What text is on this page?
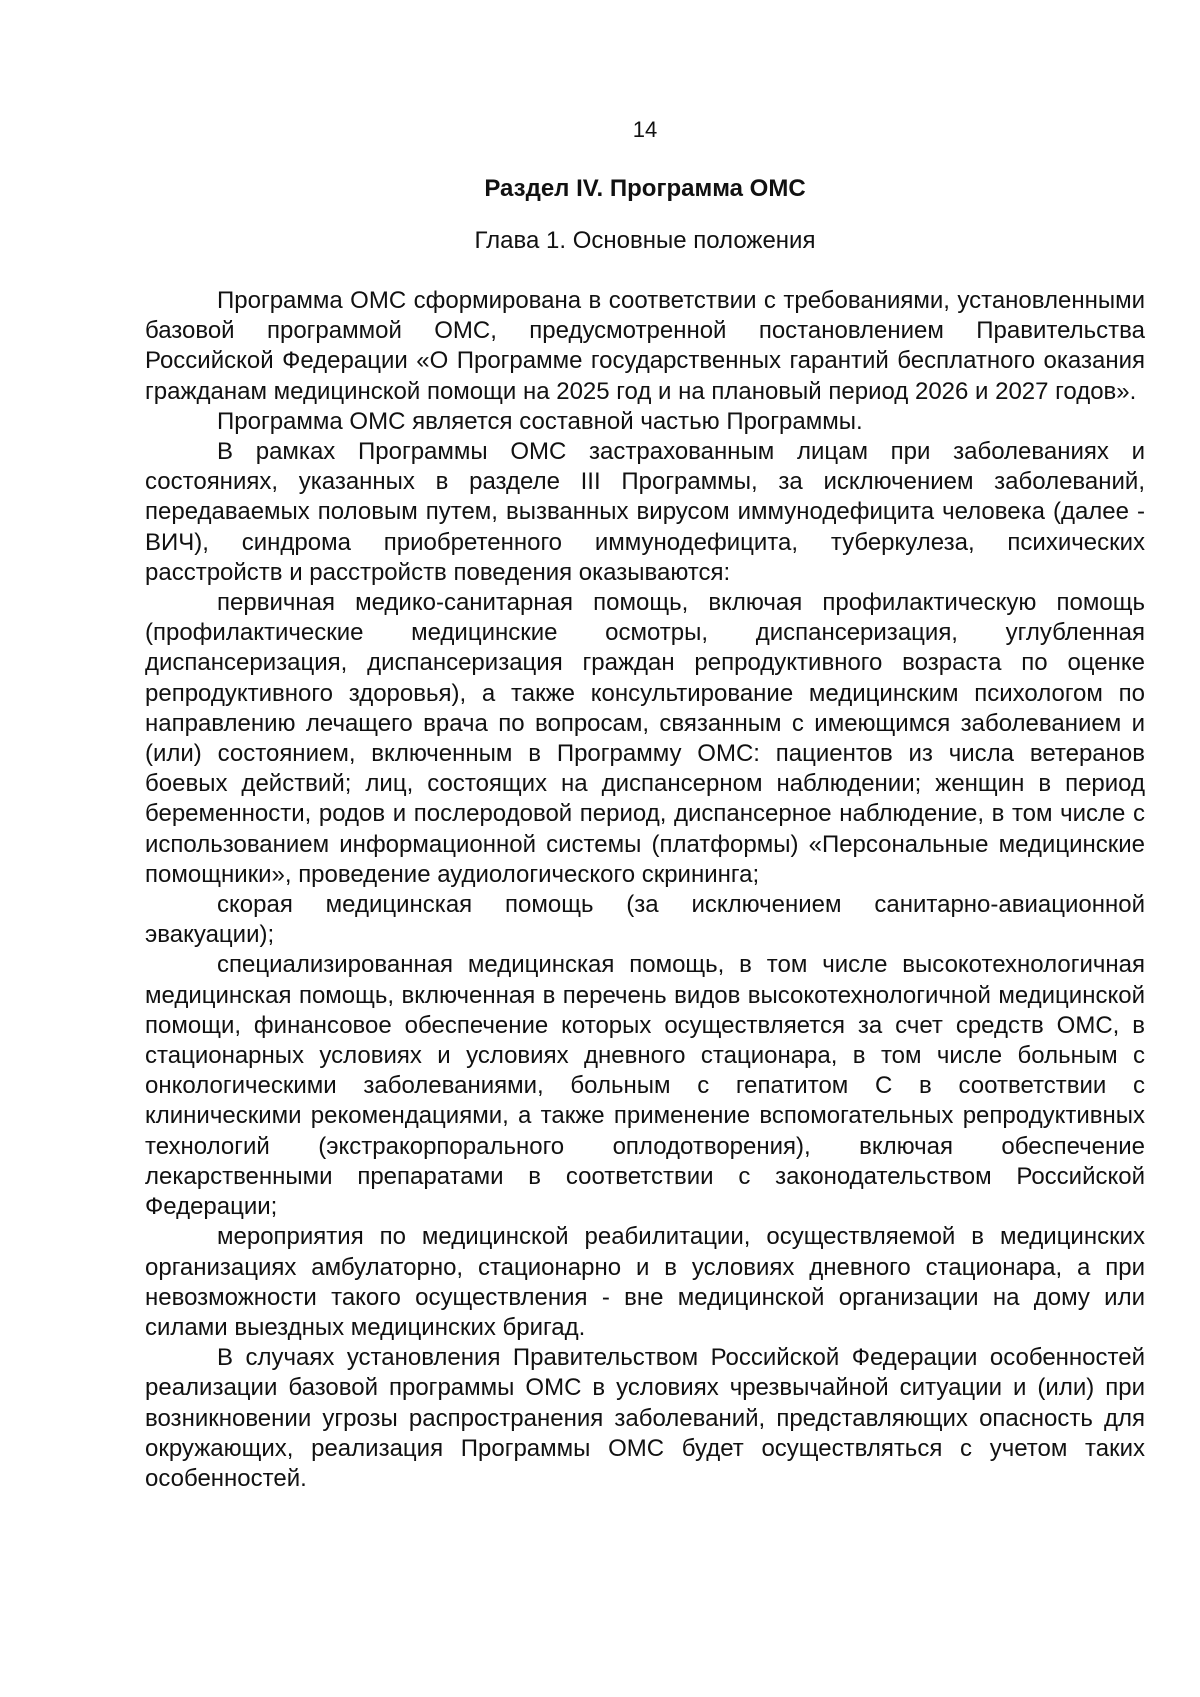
14
Раздел IV. Программа ОМС
Глава 1. Основные положения

Программа ОМС сформирована в соответствии с требованиями, установленными базовой программой ОМС, предусмотренной постановлением Правительства Российской Федерации «О Программе государственных гарантий бесплатного оказания гражданам медицинской помощи на 2025 год и на плановый период 2026 и 2027 годов».

Программа ОМС является составной частью Программы.

В рамках Программы ОМС застрахованным лицам при заболеваниях и состояниях, указанных в разделе III Программы, за исключением заболеваний, передаваемых половым путем, вызванных вирусом иммунодефицита человека (далее - ВИЧ), синдрома приобретенного иммунодефицита, туберкулеза, психических расстройств и расстройств поведения оказываются:

первичная медико-санитарная помощь, включая профилактическую помощь (профилактические медицинские осмотры, диспансеризация, углубленная диспансеризация, диспансеризация граждан репродуктивного возраста по оценке репродуктивного здоровья), а также консультирование медицинским психологом по направлению лечащего врача по вопросам, связанным с имеющимся заболеванием и (или) состоянием, включенным в Программу ОМС: пациентов из числа ветеранов боевых действий; лиц, состоящих на диспансерном наблюдении; женщин в период беременности, родов и послеродовой период, диспансерное наблюдение, в том числе с использованием информационной системы (платформы) «Персональные медицинские помощники», проведение аудиологического скрининга;

скорая медицинская помощь (за исключением санитарно-авиационной эвакуации);

специализированная медицинская помощь, в том числе высокотехнологичная медицинская помощь, включенная в перечень видов высокотехнологичной медицинской помощи, финансовое обеспечение которых осуществляется за счет средств ОМС, в стационарных условиях и условиях дневного стационара, в том числе больным с онкологическими заболеваниями, больным с гепатитом С в соответствии с клиническими рекомендациями, а также применение вспомогательных репродуктивных технологий (экстракорпорального оплодотворения), включая обеспечение лекарственными препаратами в соответствии с законодательством Российской Федерации;

мероприятия по медицинской реабилитации, осуществляемой в медицинских организациях амбулаторно, стационарно и в условиях дневного стационара, а при невозможности такого осуществления - вне медицинской организации на дому или силами выездных медицинских бригад.

В случаях установления Правительством Российской Федерации особенностей реализации базовой программы ОМС в условиях чрезвычайной ситуации и (или) при возникновении угрозы распространения заболеваний, представляющих опасность для окружающих, реализация Программы ОМС будет осуществляться с учетом таких особенностей.
